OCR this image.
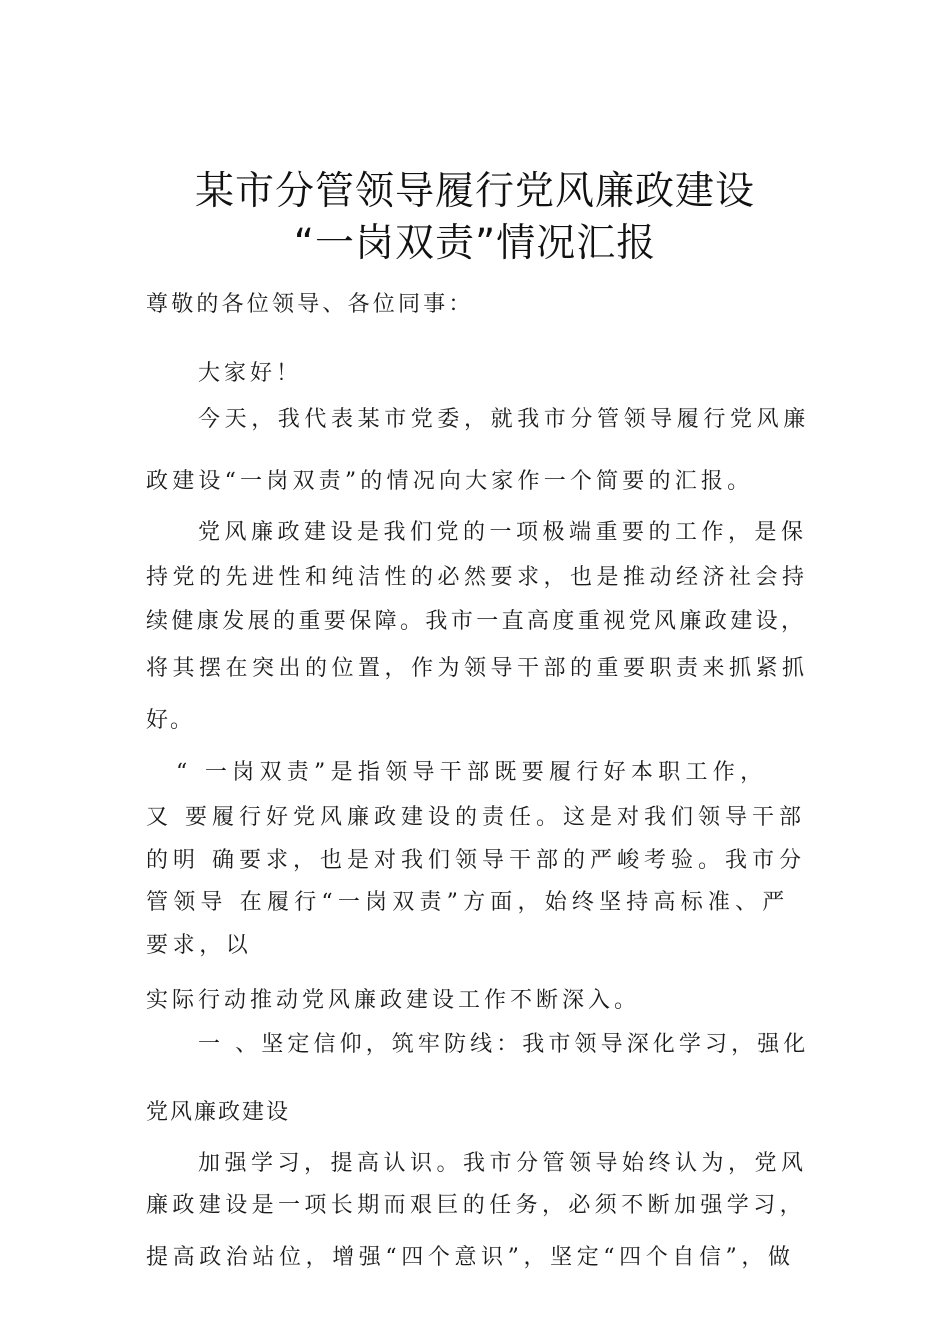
某市分管领导履行党风廉政建设
“一岗双责”情况汇报
尊敬的各位领导、各位同事：
大家好！
今天，我代表某市党委，就我市分管领导履行党风廉
政建设“一岗双责”的情况向大家作一个简要的汇报。
党风廉政建设是我们党的一项极端重要的工作，是保
持党的先进性和纯洁性的必然要求，也是推动经济社会持
续健康发展的重要保障。我市一直高度重视党风廉政建设，
将其摆在突出的位置，作为领导干部的重要职责来抓紧抓
好。
“ 一岗双责”是指领导干部既要履行好本职工作，
又 要履行好党风廉政建设的责任。这是对我们领导干部
的明 确要求，也是对我们领导干部的严峻考验。我市分
管领导 在履行“一岗双责”方面，始终坚持高标准、严
要求，以
实际行动推动党风廉政建设工作不断深入。
一 、坚定信仰，筑牢防线：我市领导深化学习，强化
党风廉政建设
加强学习，提高认识。我市分管领导始终认为，党风
廉政建设是一项长期而艰巨的任务，必须不断加强学习，
提高政治站位，增强“四个意识”，坚定“四个自信”，做
